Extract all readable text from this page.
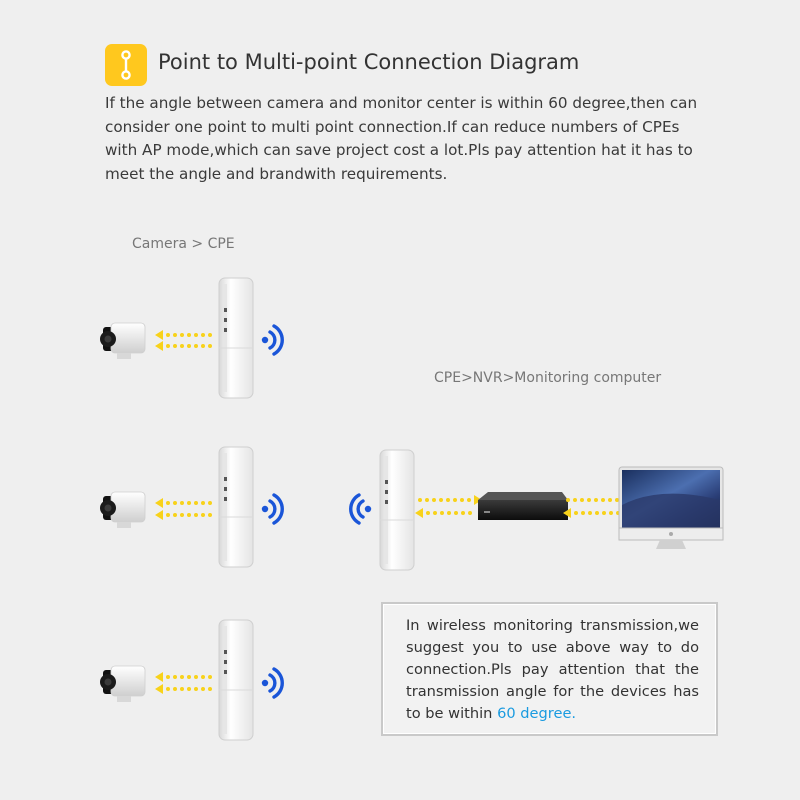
Point to Multi-point Connection Diagram
If the angle between camera and monitor center is within 60 degree,then can
consider one point to multi point connection.If can reduce numbers of CPEs
with AP mode,which can save project cost a lot.Pls pay attention hat it has to
meet the angle and brandwith requirements.
Camera > CPE
CPE>NVR>Monitoring computer
In wireless monitoring transmission,we
suggest you to use above way to do
connection.Pls pay attention that the
transmission angle for the devices has
to be within 60 degree.
